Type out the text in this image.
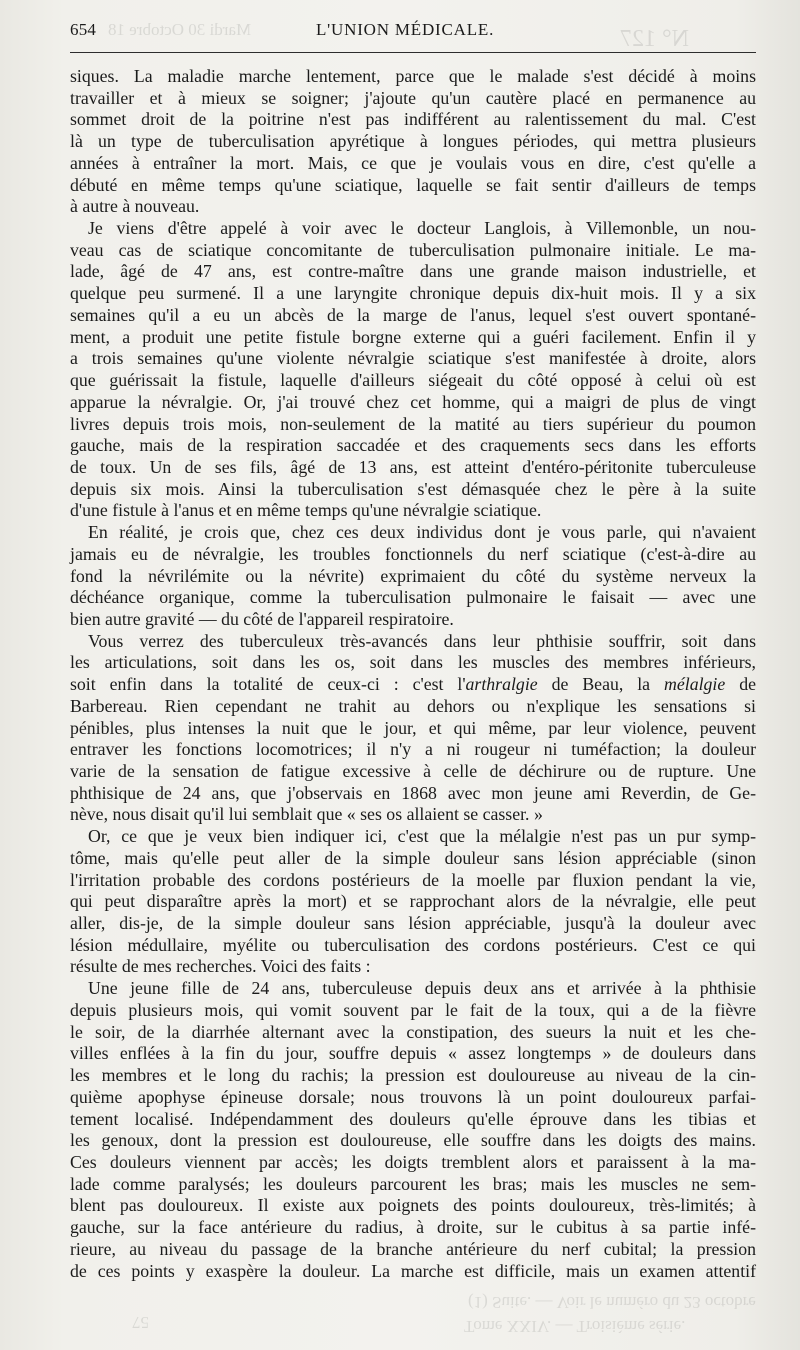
Mardi 30 Octobre 18	N° 127
654	L'UNION MÉDICALE.
siques. La maladie marche lentement, parce que le malade s'est décidé à moins
travailler et à mieux se soigner; j'ajoute qu'un cautère placé en permanence au
sommet droit de la poitrine n'est pas indifférent au ralentissement du mal. C'est
là un type de tuberculisation apyrétique à longues périodes, qui mettra plusieurs
années à entraîner la mort. Mais, ce que je voulais vous en dire, c'est qu'elle a
débuté en même temps qu'une sciatique, laquelle se fait sentir d'ailleurs de temps
à autre à nouveau.
Je viens d'être appelé à voir avec le docteur Langlois, à Villemonble, un nou-
veau cas de sciatique concomitante de tuberculisation pulmonaire initiale. Le ma-
lade, âgé de 47 ans, est contre-maître dans une grande maison industrielle, et
quelque peu surmené. Il a une laryngite chronique depuis dix-huit mois. Il y a six
semaines qu'il a eu un abcès de la marge de l'anus, lequel s'est ouvert spontané-
ment, a produit une petite fistule borgne externe qui a guéri facilement. Enfin il y
a trois semaines qu'une violente névralgie sciatique s'est manifestée à droite, alors
que guérissait la fistule, laquelle d'ailleurs siégeait du côté opposé à celui où est
apparue la névralgie. Or, j'ai trouvé chez cet homme, qui a maigri de plus de vingt
livres depuis trois mois, non-seulement de la matité au tiers supérieur du poumon
gauche, mais de la respiration saccadée et des craquements secs dans les efforts
de toux. Un de ses fils, âgé de 13 ans, est atteint d'entéro-péritonite tuberculeuse
depuis six mois. Ainsi la tuberculisation s'est démasquée chez le père à la suite
d'une fistule à l'anus et en même temps qu'une névralgie sciatique.
En réalité, je crois que, chez ces deux individus dont je vous parle, qui n'avaient
jamais eu de névralgie, les troubles fonctionnels du nerf sciatique (c'est-à-dire au
fond la névrilémite ou la névrite) exprimaient du côté du système nerveux la
déchéance organique, comme la tuberculisation pulmonaire le faisait — avec une
bien autre gravité — du côté de l'appareil respiratoire.
Vous verrez des tuberculeux très-avancés dans leur phthisie souffrir, soit dans
les articulations, soit dans les os, soit dans les muscles des membres inférieurs,
soit enfin dans la totalité de ceux-ci : c'est l'arthralgie de Beau, la mélalgie de
Barbereau. Rien cependant ne trahit au dehors ou n'explique les sensations si
pénibles, plus intenses la nuit que le jour, et qui même, par leur violence, peuvent
entraver les fonctions locomotrices; il n'y a ni rougeur ni tuméfaction; la douleur
varie de la sensation de fatigue excessive à celle de déchirure ou de rupture. Une
phthisique de 24 ans, que j'observais en 1868 avec mon jeune ami Reverdin, de Ge-
nève, nous disait qu'il lui semblait que « ses os allaient se casser. »
Or, ce que je veux bien indiquer ici, c'est que la mélalgie n'est pas un pur symp-
tôme, mais qu'elle peut aller de la simple douleur sans lésion appréciable (sinon
l'irritation probable des cordons postérieurs de la moelle par fluxion pendant la vie,
qui peut disparaître après la mort) et se rapprochant alors de la névralgie, elle peut
aller, dis-je, de la simple douleur sans lésion appréciable, jusqu'à la douleur avec
lésion médullaire, myélite ou tuberculisation des cordons postérieurs. C'est ce qui
résulte de mes recherches. Voici des faits :
Une jeune fille de 24 ans, tuberculeuse depuis deux ans et arrivée à la phthisie
depuis plusieurs mois, qui vomit souvent par le fait de la toux, qui a de la fièvre
le soir, de la diarrhée alternant avec la constipation, des sueurs la nuit et les che-
villes enflées à la fin du jour, souffre depuis « assez longtemps » de douleurs dans
les membres et le long du rachis; la pression est douloureuse au niveau de la cin-
quième apophyse épineuse dorsale; nous trouvons là un point douloureux parfai-
tement localisé. Indépendamment des douleurs qu'elle éprouve dans les tibias et
les genoux, dont la pression est douloureuse, elle souffre dans les doigts des mains.
Ces douleurs viennent par accès; les doigts tremblent alors et paraissent à la ma-
lade comme paralysés; les douleurs parcourent les bras; mais les muscles ne sem-
blent pas douloureux. Il existe aux poignets des points douloureux, très-limités; à
gauche, sur la face antérieure du radius, à droite, sur le cubitus à sa partie infé-
rieure, au niveau du passage de la branche antérieure du nerf cubital; la pression
de ces points y exaspère la douleur. La marche est difficile, mais un examen attentif
(1) Suite. — Voir le numéro du 23 octobre
Tome XXIV. — Troisième série.
57
